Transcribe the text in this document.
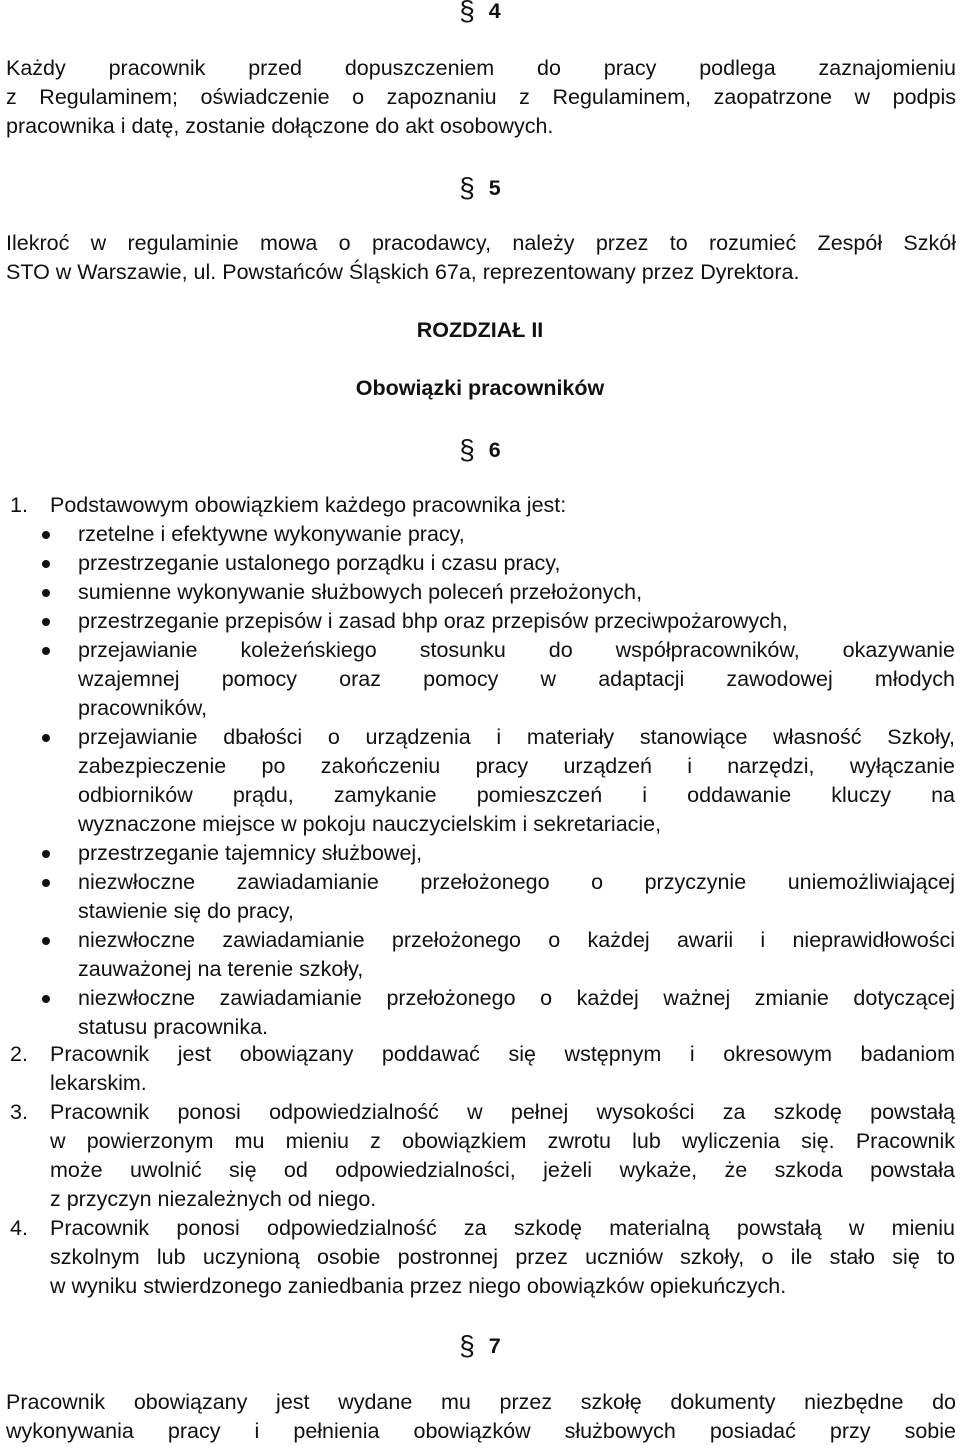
§ 4
Każdy pracownik przed dopuszczeniem do pracy podlega zaznajomieniu
z Regulaminem; oświadczenie o zapoznaniu z Regulaminem, zaopatrzone w podpis
pracownika i datę, zostanie dołączone do akt osobowych.
§ 5
Ilekroć w regulaminie mowa o pracodawcy, należy przez to rozumieć Zespół Szkół
STO w Warszawie, ul. Powstańców Śląskich 67a, reprezentowany przez Dyrektora.
ROZDZIAŁ II
Obowiązki pracowników
§ 6
1. Podstawowym obowiązkiem każdego pracownika jest:
rzetelne i efektywne wykonywanie pracy,
przestrzeganie ustalonego porządku i czasu pracy,
sumienne wykonywanie służbowych poleceń przełożonych,
przestrzeganie przepisów i zasad bhp oraz przepisów przeciwpożarowych,
przejawianie koleżeńskiego stosunku do współpracowników, okazywanie
wzajemnej pomocy oraz pomocy w adaptacji zawodowej młodych
pracowników,
przejawianie dbałości o urządzenia i materiały stanowiące własność Szkoły,
zabezpieczenie po zakończeniu pracy urządzeń i narzędzi, wyłączanie
odbiorników prądu, zamykanie pomieszczeń i oddawanie kluczy na
wyznaczone miejsce w pokoju nauczycielskim i sekretariacie,
przestrzeganie tajemnicy służbowej,
niezwłoczne zawiadamianie przełożonego o przyczynie uniemożliwiającej
stawienie się do pracy,
niezwłoczne zawiadamianie przełożonego o każdej awarii i nieprawidłowości
zauważonej na terenie szkoły,
niezwłoczne zawiadamianie przełożonego o każdej ważnej zmianie dotyczącej
statusu pracownika.
2. Pracownik jest obowiązany poddawać się wstępnym i okresowym badaniom
lekarskim.
3. Pracownik ponosi odpowiedzialność w pełnej wysokości za szkodę powstałą
w powierzonym mu mieniu z obowiązkiem zwrotu lub wyliczenia się. Pracownik
może uwolnić się od odpowiedzialności, jeżeli wykaże, że szkoda powstała
z przyczyn niezależnych od niego.
4. Pracownik ponosi odpowiedzialność za szkodę materialną powstałą w mieniu
szkolnym lub uczynioną osobie postronnej przez uczniów szkoły, o ile stało się to
w wyniku stwierdzonego zaniedbania przez niego obowiązków opiekuńczych.
§ 7
Pracownik obowiązany jest wydane mu przez szkołę dokumenty niezbędne do
wykonywania pracy i pełnienia obowiązków służbowych posiadać przy sobie
